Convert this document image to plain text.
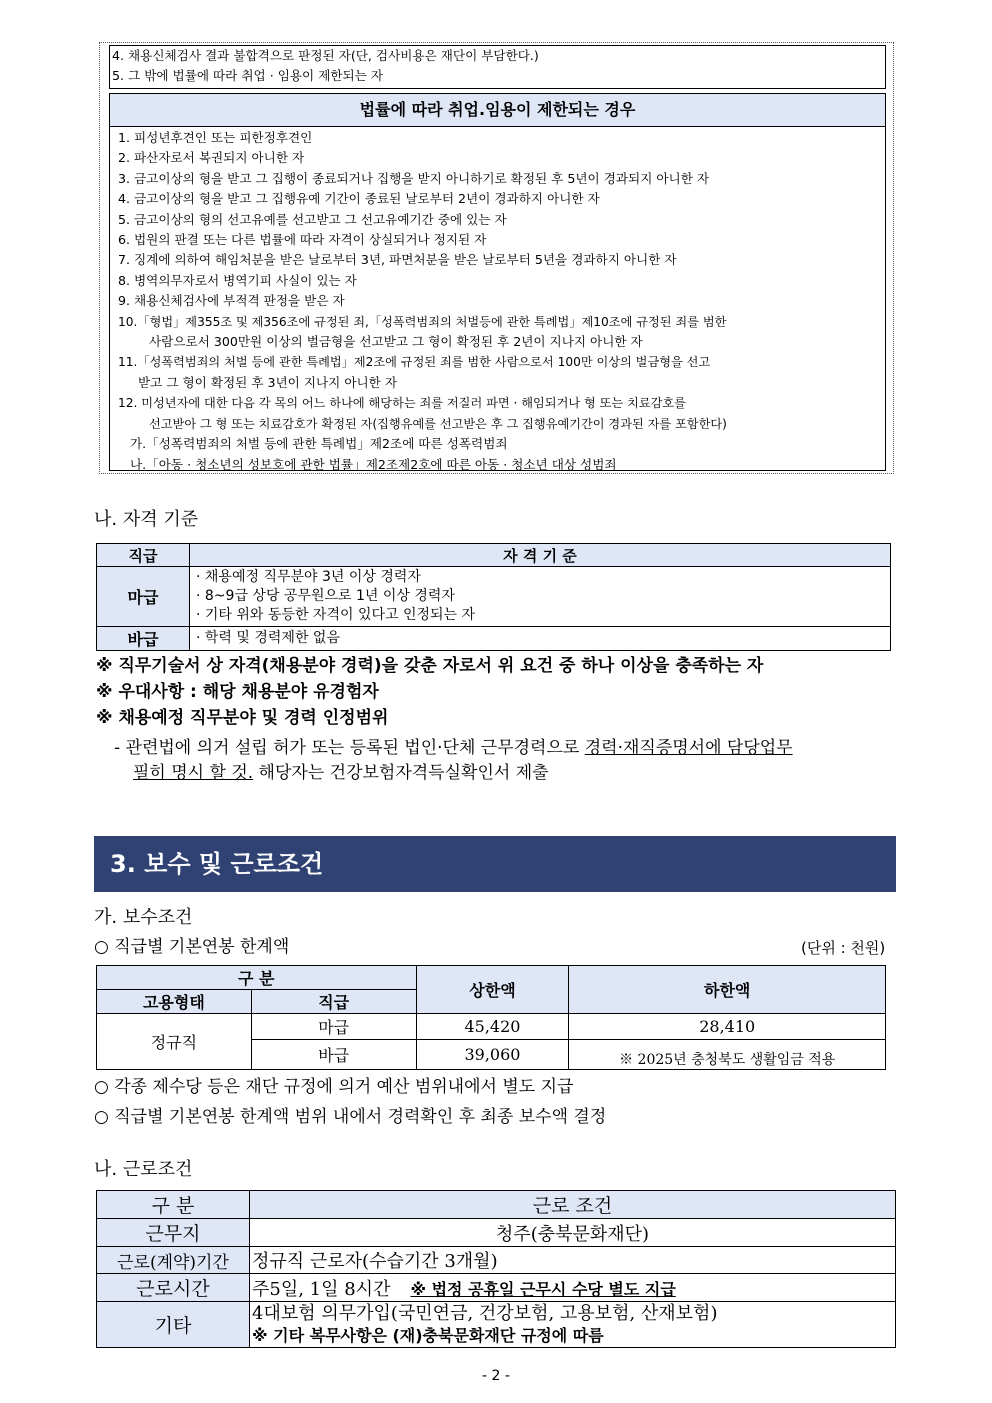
4. 채용신체검사 결과 불합격으로 판정된 자(단, 검사비용은 재단이 부담한다.)
5. 그 밖에 법률에 따라 취업 · 임용이 제한되는 자
법률에 따라 취업.임용이 제한되는 경우
1. 피성년후견인 또는 피한정후견인
2. 파산자로서 복권되지 아니한 자
3. 금고이상의 형을 받고 그 집행이 종료되거나 집행을 받지 아니하기로 확정된 후 5년이 경과되지 아니한 자
4. 금고이상의 형을 받고 그 집행유예 기간이 종료된 날로부터 2년이 경과하지 아니한 자
5. 금고이상의 형의 선고유예를 선고받고 그 선고유예기간 중에 있는 자
6. 법원의 판결 또는 다른 법률에 따라 자격이 상실되거나 정지된 자
7. 징계에 의하여 해임처분을 받은 날로부터 3년, 파면처분을 받은 날로부터 5년을 경과하지 아니한 자
8. 병역의무자로서 병역기피 사실이 있는 자
9. 채용신체검사에 부적격 판정을 받은 자
10.「형법」제355조 및 제356조에 규정된 죄,「성폭력범죄의 처벌등에 관한 특례법」제10조에 규정된 죄를 범한
사람으로서 300만원 이상의 벌금형을 선고받고 그 형이 확정된 후 2년이 지나지 아니한 자
11.「성폭력범죄의 처벌 등에 관한 특례법」제2조에 규정된 죄를 범한 사람으로서 100만 이상의 벌금형을 선고
받고 그 형이 확정된 후 3년이 지나지 아니한 자
12. 미성년자에 대한 다음 각 목의 어느 하나에 해당하는 죄를 저질러 파면 · 해임되거나 형 또는 치료감호를
선고받아 그 형 또는 치료감호가 확정된 자(집행유예를 선고받은 후 그 집행유예기간이 경과된 자를 포함한다)
가.「성폭력범죄의 처벌 등에 관한 특례법」제2조에 따른 성폭력범죄
나.「아동 · 청소년의 성보호에 관한 법률」제2조제2호에 따른 아동 · 청소년 대상 성범죄
나. 자격 기준
직급	자 격 기 준
마급	· 채용예정 직무분야 3년 이상 경력자
· 8~9급 상당 공무원으로 1년 이상 경력자
· 기타 위와 동등한 자격이 있다고 인정되는 자

바급	· 학력 및 경력제한 없음
※ 직무기술서 상 자격(채용분야 경력)을 갖춘 자로서 위 요건 중 하나 이상을 충족하는 자
※ 우대사항 : 해당 채용분야 유경험자
※ 채용예정 직무분야 및 경력 인정범위
- 관련법에 의거 설립 허가 또는 등록된 법인·단체 근무경력으로 경력·재직증명서에 담당업무
필히 명시 할 것. 해당자는 건강보험자격득실확인서 제출
3. 보수 및 근로조건
가. 보수조건
○ 직급별 기본연봉 한계액	(단위 : 천원)
구 분		상한액	하한액
고용형태	직급		
정규직	마급	45,420	28,410
	바급	39,060	※ 2025년 충청북도 생활임금 적용
○ 각종 제수당 등은 재단 규정에 의거 예산 범위내에서 별도 지급
○ 직급별 기본연봉 한계액 범위 내에서 경력확인 후 최종 보수액 결정
나. 근로조건
구 분	근로 조건
근무지	청주(충북문화재단)
근로(계약)기간	정규직 근로자(수습기간 3개월)
근로시간	주5일, 1일 8시간 ※ 법정 공휴일 근무시 수당 별도 지급
기타	4대보험 의무가입(국민연금, 건강보험, 고용보험, 산재보험)
※ 기타 복무사항은 (재)충북문화재단 규정에 따름
- 2 -
